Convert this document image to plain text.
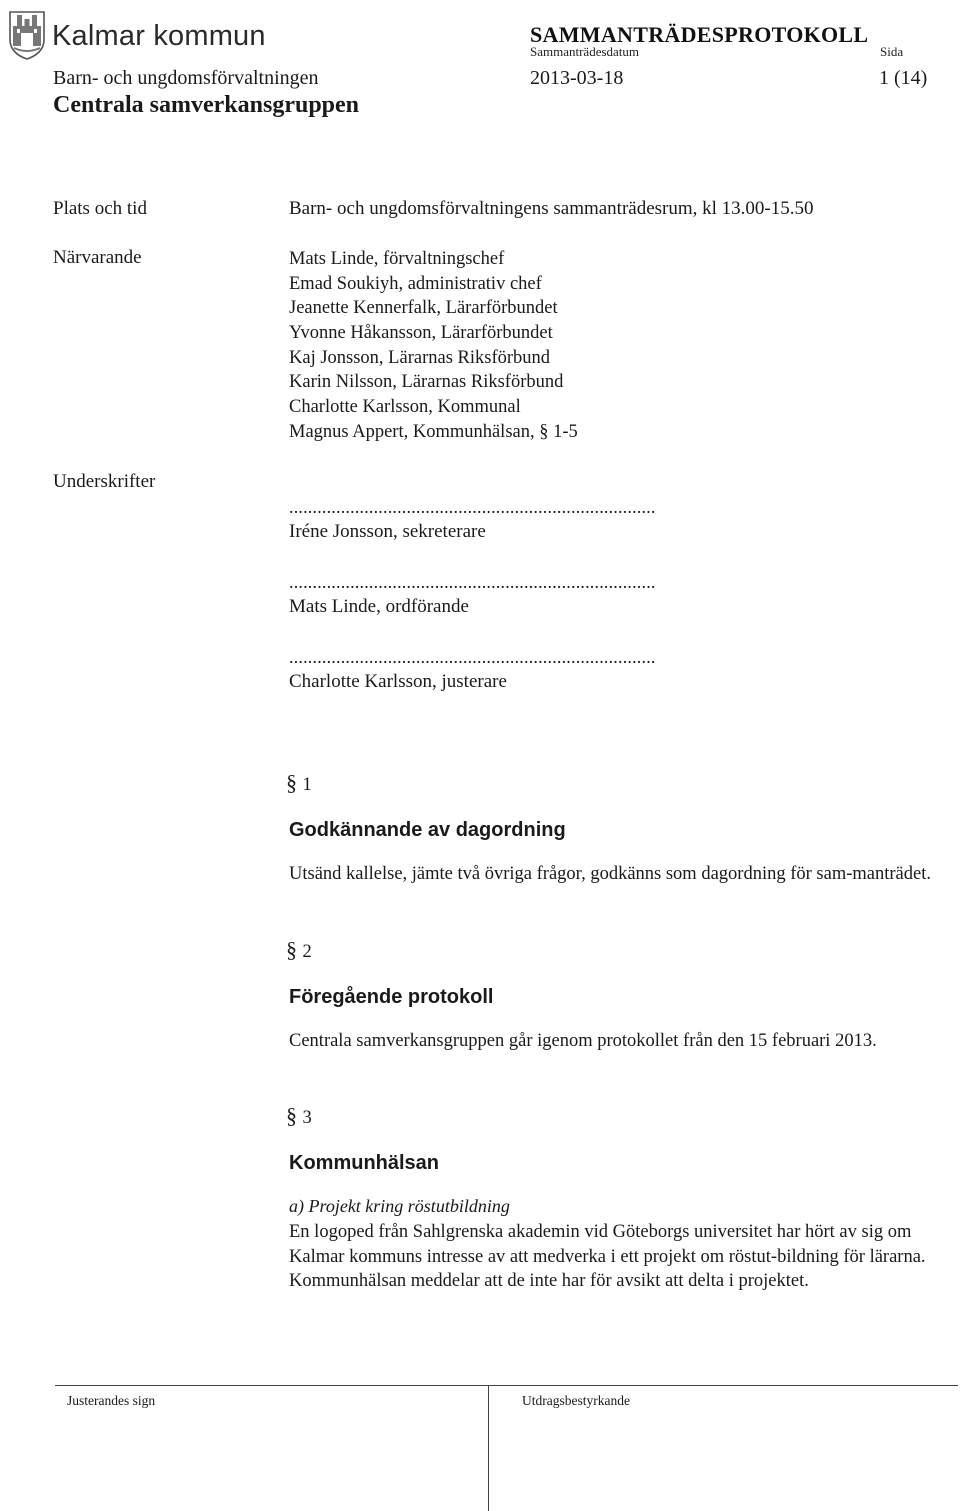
Kalmar kommun	SAMMANTRÄDESPROTOKOLL
Sammanträdesdatum	Sida
Barn- och ungdomsförvaltningen	2013-03-18	1 (14)
Centrala samverkansgruppen
Plats och tid	Barn- och ungdomsförvaltningens sammanträdesrum, kl 13.00-15.50
Närvarande	Mats Linde, förvaltningschef
Emad Soukiyh, administrativ chef
Jeanette Kennerfalk, Lärarförbundet
Yvonne Håkansson, Lärarförbundet
Kaj Jonsson, Lärarnas Riksförbund
Karin Nilsson, Lärarnas Riksförbund
Charlotte Karlsson, Kommunal
Magnus Appert, Kommunhälsan, § 1-5
Underskrifter
..............................................................................
Iréne Jonsson, sekreterare
..............................................................................
Mats Linde, ordförande
..............................................................................
Charlotte Karlsson, justerare
§ 1
Godkännande av dagordning

Utsänd kallelse, jämte två övriga frågor, godkänns som dagordning för sam-manträdet.

§ 2
Föregående protokoll

Centrala samverkansgruppen går igenom protokollet från den 15 februari 2013.

§ 3
Kommunhälsan
a) Projekt kring röstutbildning

En logoped från Sahlgrenska akademin vid Göteborgs universitet har hört av sig om Kalmar kommuns intresse av att medverka i ett projekt om röstut-bildning för lärarna. Kommunhälsan meddelar att de inte har för avsikt att delta i projektet.

Justerandes sign	Utdragsbestyrkande
